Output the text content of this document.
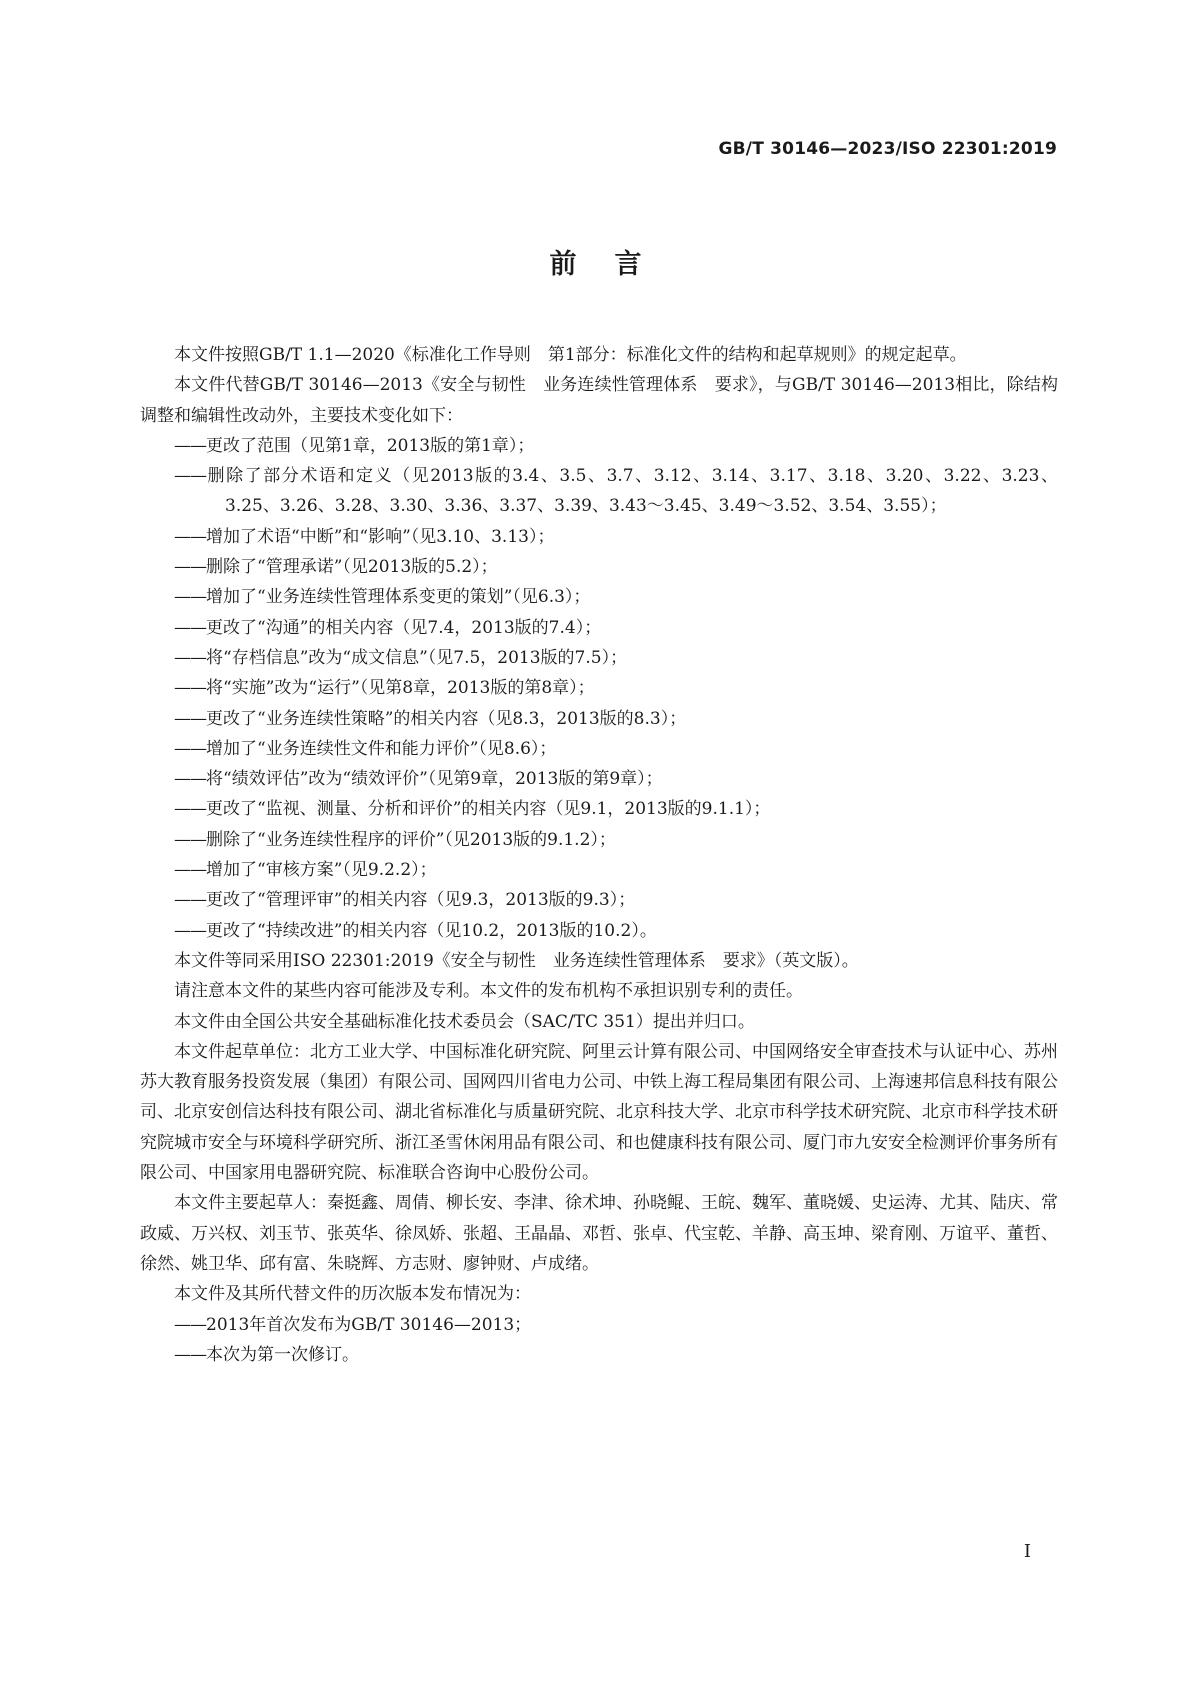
GB/T 30146—2023/ISO 22301:2019
前言

本文件按照GB/T 1.1—2020《标准化工作导则　第1部分：标准化文件的结构和起草规则》的规定起草。

本文件代替GB/T 30146—2013《安全与韧性　业务连续性管理体系　要求》，与GB/T 30146—2013相比，除结构调整和编辑性改动外，主要技术变化如下：

——更改了范围（见第1章，2013版的第1章）；
——删除了部分术语和定义（见2013版的3.4、3.5、3.7、3.12、3.14、3.17、3.18、3.20、3.22、3.23、3.25、3.26、3.28、3.30、3.36、3.37、3.39、3.43～3.45、3.49～3.52、3.54、3.55）；
——增加了术语“中断”和“影响”（见3.10、3.13）；
——删除了“管理承诺”（见2013版的5.2）；
——增加了“业务连续性管理体系变更的策划”（见6.3）；
——更改了“沟通”的相关内容（见7.4，2013版的7.4）；
——将“存档信息”改为“成文信息”（见7.5，2013版的7.5）；
——将“实施”改为“运行”（见第8章，2013版的第8章）；
——更改了“业务连续性策略”的相关内容（见8.3，2013版的8.3）；
——增加了“业务连续性文件和能力评价”（见8.6）；
——将“绩效评估”改为“绩效评价”（见第9章，2013版的第9章）；
——更改了“监视、测量、分析和评价”的相关内容（见9.1，2013版的9.1.1）；
——删除了“业务连续性程序的评价”（见2013版的9.1.2）；
——增加了“审核方案”（见9.2.2）；
——更改了“管理评审”的相关内容（见9.3，2013版的9.3）；
——更改了“持续改进”的相关内容（见10.2，2013版的10.2）。

本文件等同采用ISO 22301:2019《安全与韧性　业务连续性管理体系　要求》（英文版）。

请注意本文件的某些内容可能涉及专利。本文件的发布机构不承担识别专利的责任。

本文件由全国公共安全基础标准化技术委员会（SAC/TC 351）提出并归口。

本文件起草单位：北方工业大学、中国标准化研究院、阿里云计算有限公司、中国网络安全审查技术与认证中心、苏州苏大教育服务投资发展（集团）有限公司、国网四川省电力公司、中铁上海工程局集团有限公司、上海速邦信息科技有限公司、北京安创信达科技有限公司、湖北省标准化与质量研究院、北京科技大学、北京市科学技术研究院、北京市科学技术研究院城市安全与环境科学研究所、浙江圣雪休闲用品有限公司、和也健康科技有限公司、厦门市九安安全检测评价事务所有限公司、中国家用电器研究院、标准联合咨询中心股份公司。

本文件主要起草人：秦挺鑫、周倩、柳长安、李津、徐术坤、孙晓鲲、王皖、魏军、董晓媛、史运涛、尤其、陆庆、常政威、万兴权、刘玉节、张英华、徐凤娇、张超、王晶晶、邓哲、张卓、代宝乾、羊静、高玉坤、梁育刚、万谊平、董哲、徐然、姚卫华、邱有富、朱晓辉、方志财、廖钟财、卢成绪。

本文件及其所代替文件的历次版本发布情况为：

——2013年首次发布为GB/T 30146—2013；
——本次为第一次修订。
I
